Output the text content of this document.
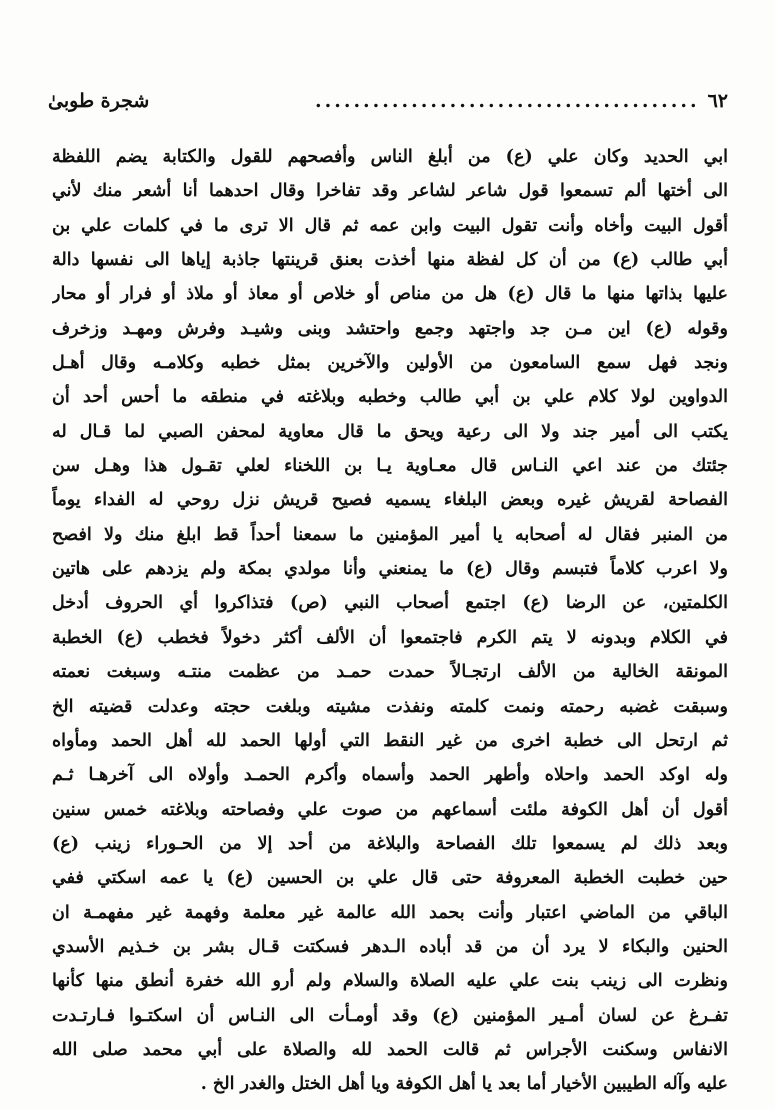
٦٢
........................................
شجرة طوبىٰ
ابي الحديد وكان علي (ع) من أبلغ الناس وأفصحهم للقول والكتابة يضم اللفظة
الى أختها ألم تسمعوا قول شاعر لشاعر وقد تفاخرا وقال احدهما أنا أشعر منك لأني
أقول البيت وأخاه وأنت تقول البيت وابن عمه ثم قال الا ترى ما في كلمات علي بن
أبي طالب (ع) من أن كل لفظة منها أخذت بعنق قرينتها جاذبة إياها الى نفسها دالة
عليها بذاتها منها ما قال (ع) هل من مناص أو خلاص أو معاذ أو ملاذ أو فرار أو محار
وقوله (ع) اين مـن جد واجتهد وجمع واحتشد وبنى وشيـد وفرش ومهـد وزخرف
ونجد فهل سمع السامعون من الأولين والآخرين بمثل خطبه وكلامـه وقال أهـل
الدواوين لولا كلام علي بن أبي طالب وخطبه وبلاغته في منطقه ما أحس أحد أن
يكتب الى أمير جند ولا الى رعية ويحق ما قال معاوية لمحفن الصبي لما قـال له
جئتك من عند اعي النـاس قال معـاوية يـا بن اللخناء لعلي تقـول هذا وهـل سن
الفصاحة لقريش غيره وبعض البلغاء يسميه فصيح قريش نزل روحي له الفداء يوماً
من المنبر فقال له أصحابه يا أمير المؤمنين ما سمعنا أحداً قط ابلغ منك ولا افصح
ولا اعرب كلاماً فتبسم وقال (ع) ما يمنعني وأنا مولدي بمكة ولم يزدهم على هاتين
الكلمتين، عن الرضا (ع) اجتمع أصحاب النبي (ص) فتذاكروا أي الحروف أدخل
في الكلام وبدونه لا يتم الكرم فاجتمعوا أن الألف أكثر دخولاً فخطب (ع) الخطبة
المونقة الخالية من الألف ارتجـالاً حمدت حمـد من عظمت منتـه وسبغت نعمته
وسبقت غضبه رحمته ونمت كلمته ونفذت مشيته وبلغت حجته وعدلت قضيته الخ
ثم ارتحل الى خطبة اخرى من غير النقط التي أولها الحمد لله أهل الحمد ومأواه
وله اوكد الحمد واحلاه وأطهر الحمد وأسماه وأكرم الحمـد وأولاه الى آخرهـا ثـم
أقول أن أهل الكوفة ملئت أسماعهم من صوت علي وفصاحته وبلاغته خمس سنين
وبعد ذلك لم يسمعوا تلك الفصاحة والبلاغة من أحد إلا من الحـوراء زينب (ع)
حين خطبت الخطبة المعروفة حتى قال علي بن الحسين (ع) يا عمه اسكتي ففي
الباقي من الماضي اعتبار وأنت بحمد الله عالمة غير معلمة وفهمة غير مفهمـة ان
الحنين والبكاء لا يرد أن من قد أباده الـدهر فسكتت قـال بشر بن خـذيم الأسدي
ونظرت الى زينب بنت علي عليه الصلاة والسلام ولم أرو الله خفرة أنطق منها كأنها
تفـرغ عن لسان أمـير المؤمنين (ع) وقد أومـأت الى النـاس أن اسكتـوا فـارتـدت
الانفاس وسكنت الأجراس ثم قالت الحمد لله والصلاة على أبي محمد صلى الله
عليه وآله الطيبين الأخيار أما بعد يا أهل الكوفة ويا أهل الختل والغدر الخ .
